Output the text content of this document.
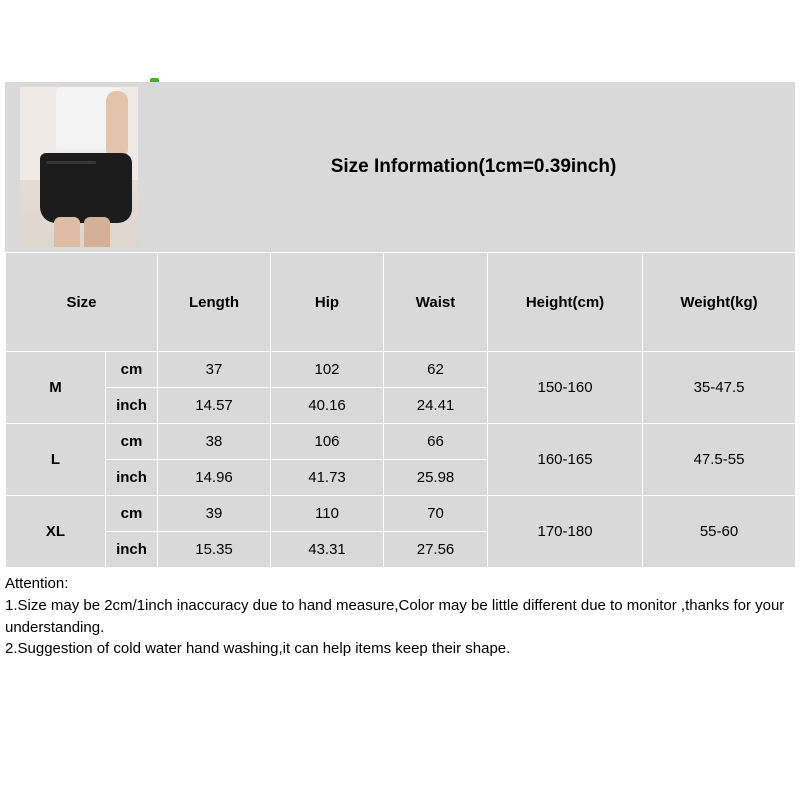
Size Information(1cm=0.39inch)
Size		Length	Hip	Waist	Height(cm)	Weight(kg)
M	cm	37	102	62	150-160	35-47.5
	inch	14.57	40.16	24.41		
L	cm	38	106	66	160-165	47.5-55
	inch	14.96	41.73	25.98		
XL	cm	39	110	70	170-180	55-60
	inch	15.35	43.31	27.56		

Attention:

1.Size may be 2cm/1inch inaccuracy due to hand measure,Color may be little different due to monitor ,thanks for your understanding.

2.Suggestion of cold water hand washing,it can help items keep their shape.
